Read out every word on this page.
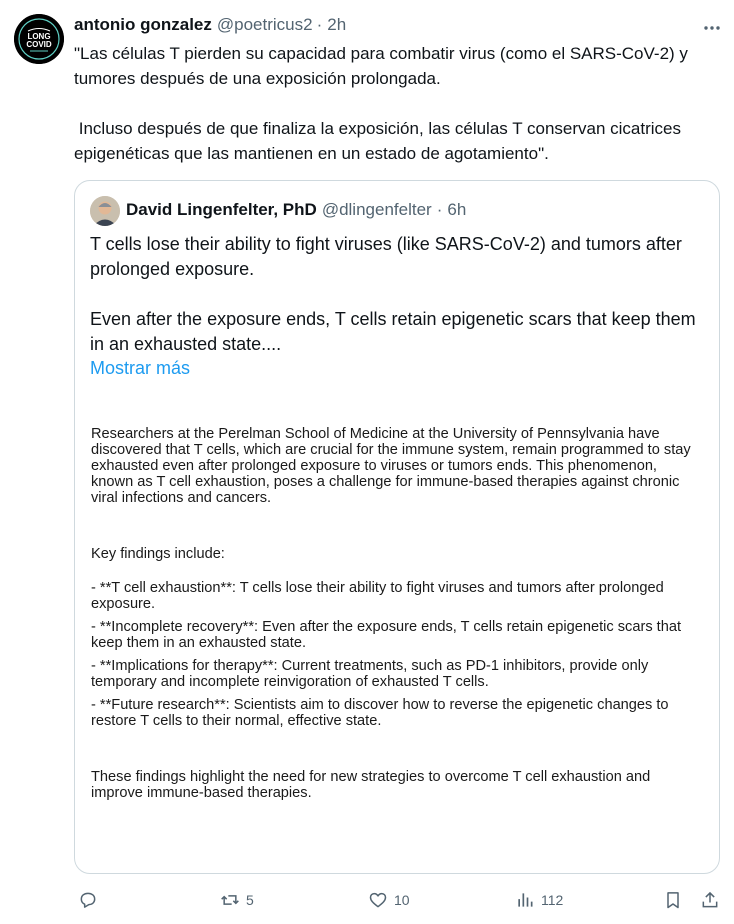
LONG
COVID
antonio gonzalez @poetricus2 · 2h
"Las células T pierden su capacidad para combatir virus (como el SARS-CoV-2) y tumores después de una exposición prolongada.

Incluso después de que finaliza la exposición, las células T conservan cicatrices epigenéticas que las mantienen en un estado de agotamiento".
David Lingenfelter, PhD @dlingenfelter · 6h
T cells lose their ability to fight viruses (like SARS-CoV-2) and tumors after prolonged exposure.

Even after the exposure ends, T cells retain epigenetic scars that keep them in an exhausted state....
Mostrar más

Researchers at the Perelman School of Medicine at the University of Pennsylvania have discovered that T cells, which are crucial for the immune system, remain programmed to stay exhausted even after prolonged exposure to viruses or tumors ends. This phenomenon, known as T cell exhaustion, poses a challenge for immune-based therapies against chronic viral infections and cancers.

Key findings include:

- **T cell exhaustion**: T cells lose their ability to fight viruses and tumors after prolonged exposure.

- **Incomplete recovery**: Even after the exposure ends, T cells retain epigenetic scars that keep them in an exhausted state.

- **Implications for therapy**: Current treatments, such as PD-1 inhibitors, provide only temporary and incomplete reinvigoration of exhausted T cells.

- **Future research**: Scientists aim to discover how to reverse the epigenetic changes to restore T cells to their normal, effective state.

These findings highlight the need for new strategies to overcome T cell exhaustion and improve immune-based therapies.

5	10	112
